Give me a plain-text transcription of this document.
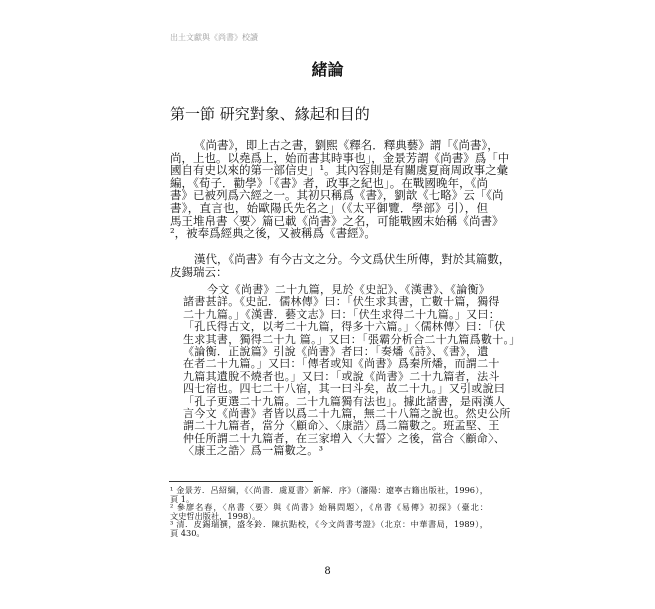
出土文獻與《尚書》校讀
緒論
第一節 研究對象、緣起和目的
《尚書》，即上古之書，劉熙《釋名．釋典藝》謂「《尚書》，
尚，上也。以堯爲上，始而書其時事也」，金景芳謂《尚書》爲「中
國自有史以來的第一部信史」¹。其內容則是有關虞夏商周政事之彙
編，《荀子．勸學》「《書》者，政事之紀也」。在戰國晚年，《尚
書》已被列爲六經之一。其初只稱爲《書》，劉歆《七略》云「《尚
書》，直言也，始歐陽氏先名之」（《太平御覽．學部》引），但
馬王堆帛書〈要〉篇已載《尚書》之名，可能戰國末始稱《尚書》
²，被奉爲經典之後，又被稱爲《書經》。
漢代，《尚書》有今古文之分。今文爲伏生所傳，對於其篇數，
皮錫瑞云：
今文《尚書》二十九篇，見於《史記》、《漢書》、《論衡》
諸書甚詳。《史記．儒林傳》曰：「伏生求其書，亡數十篇，獨得
二十九篇。」《漢書．藝文志》曰：「伏生求得二十九篇。」又曰：
「孔氏得古文，以考二十九篇，得多十六篇。」〈儒林傳〉曰：「伏
生求其書，獨得二十九 篇。」又曰：「張霸分析合二十九篇爲數十。」
《論衡．正說篇》引說《尚書》者曰：「奏燔《詩》、《書》，遺
在者二十九篇。」又曰：「傳者或知《尚書》爲秦所燔，而謂二十
九篇其遺脫不燒者也。」又曰：「或說《尚書》二十九篇者，法斗
四七宿也。四七二十八宿，其一曰斗矣，故二十九。」又引或說曰
「孔子更選二十九篇。二十九篇獨有法也」。據此諸書，是兩漢人
言今文《尚書》者皆以爲二十九篇，無二十八篇之說也。然史公所
謂二十九篇者，當分〈顧命〉、〈康誥〉爲二篇數之。班孟堅、王
仲任所謂二十九篇者，在三家增入〈大誓〉之後，當合〈顧命〉、
〈康王之誥〉爲一篇數之。³
¹ 金景芳．呂紹綱，《〈尚書．虞夏書〉新解．序》（瀋陽：遼寧古籍出版社，1996），
頁 1。
² 參廖名春，〈帛書〈要〉與《尚書》始稱問題〉，《帛書《易傳》初探》（臺北：
文史哲出版社，1998）。
³ 清．皮錫瑞撰，盛冬鈴．陳抗點校，《今文尚書考證》（北京：中華書局，1989），
頁 430。
8
